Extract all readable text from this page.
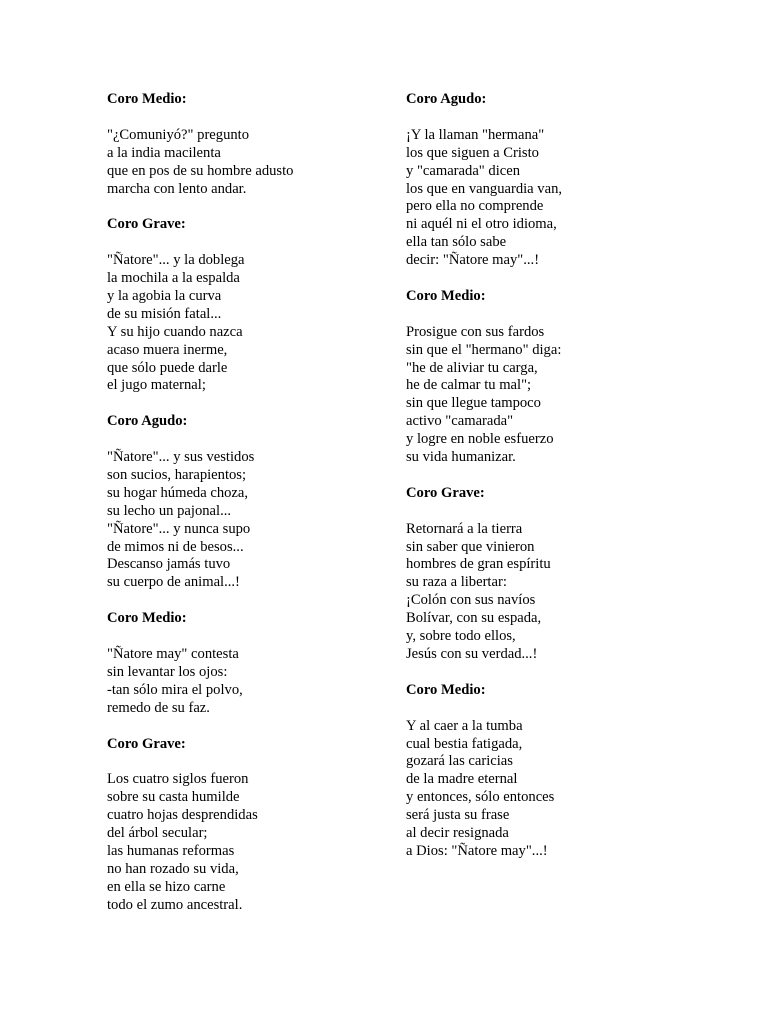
Coro Medio:
"¿Comuniyó?" pregunto
a la india macilenta
que en pos de su hombre adusto
marcha con lento andar.
Coro Grave:
"Ñatore"... y la doblega
la mochila a la espalda
y la agobia la curva
de su misión fatal...
Y su hijo cuando nazca
acaso muera inerme,
que sólo puede darle
el jugo maternal;
Coro Agudo:
"Ñatore"... y sus vestidos
son sucios, harapientos;
su hogar húmeda choza,
su lecho un pajonal...
"Ñatore"... y nunca supo
de mimos ni de besos...
Descanso jamás tuvo
su cuerpo de animal...!
Coro Medio:
"Ñatore may" contesta
sin levantar los ojos:
-tan sólo mira el polvo,
remedo de su faz.
Coro Grave:
Los cuatro siglos fueron
sobre su casta humilde
cuatro hojas desprendidas
del árbol secular;
las humanas reformas
no han rozado su vida,
en ella se hizo carne
todo el zumo ancestral.
Coro Agudo:
¡Y la llaman "hermana"
los que siguen a Cristo
y "camarada" dicen
los que en vanguardia van,
pero ella no comprende
ni aquél ni el otro idioma,
ella tan sólo sabe
decir: "Ñatore may"...!
Coro Medio:
Prosigue con sus fardos
sin que el "hermano" diga:
"he de aliviar tu carga,
he de calmar tu mal";
sin que llegue tampoco
activo "camarada"
y logre en noble esfuerzo
su vida humanizar.
Coro Grave:
Retornará a la tierra
sin saber que vinieron
hombres de gran espíritu
su raza a libertar:
¡Colón con sus navíos
Bolívar, con su espada,
y, sobre todo ellos,
Jesús con su verdad...!
Coro Medio:
Y al caer a la tumba
cual bestia fatigada,
gozará las caricias
de la madre eternal
y entonces, sólo entonces
será justa su frase
al decir resignada
a Dios: "Ñatore may"...!
